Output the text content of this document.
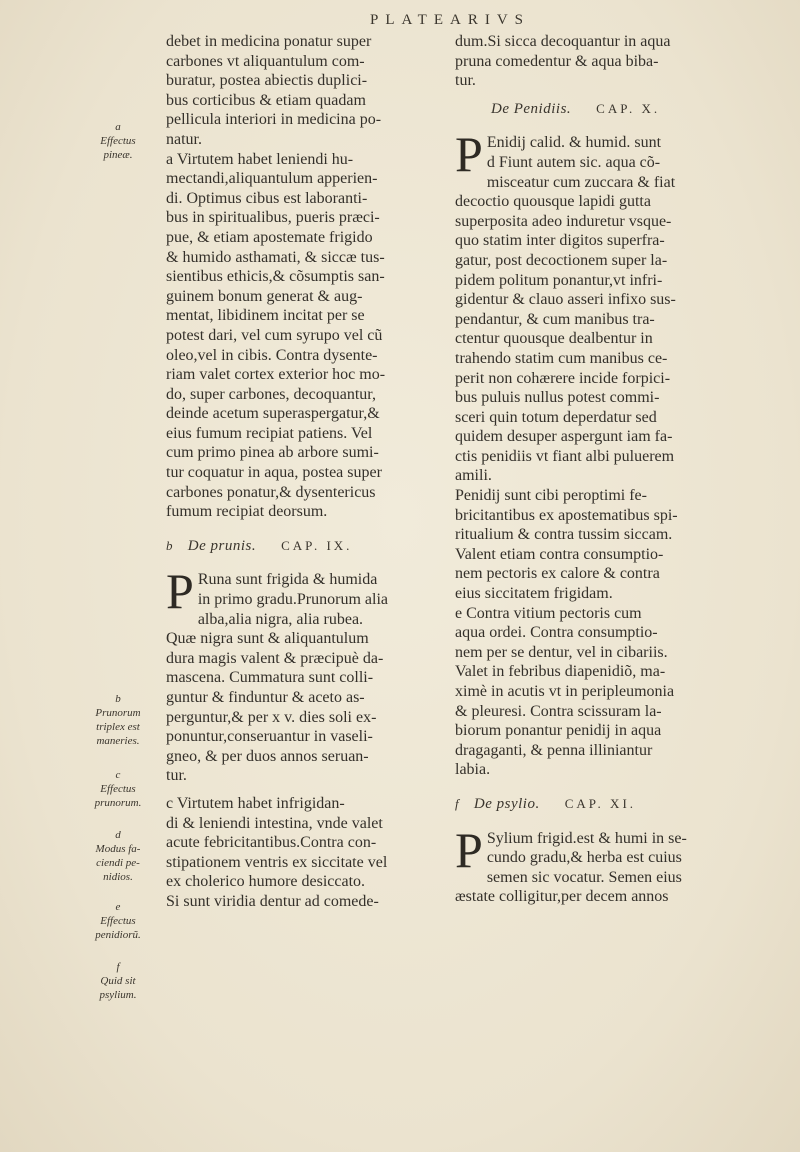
PLATEARIVS
a
Effectus
pineæ.
b
Prunorum
triplex est
maneries.
c
Effectus
prunorum.
d
Modus fa-
ciendi pe-
nidios.
e
Effectus
penidiorũ.
f
Quid sit
psylium.
debet in medicina ponatur super
carbones vt aliquantulum com-
buratur, postea abiectis duplici-
bus corticibus & etiam quadam
pellicula interiori in medicina po-
natur.
a Virtutem habet leniendi hu-
mectandi,aliquantulum apperien-
di. Optimus cibus est laboranti-
bus in spiritualibus, pueris præci-
pue, & etiam apostemate frigido
& humido asthamati, & siccæ tus-
sientibus ethicis,& cõsumptis san-
guinem bonum generat & aug-
mentat, libidinem incitat per se
potest dari, vel cum syrupo vel cũ
oleo,vel in cibis. Contra dysente-
riam valet cortex exterior hoc mo-
do, super carbones, decoquantur,
deinde acetum superaspergatur,&
eius fumum recipiat patiens. Vel
cum primo pinea ab arbore sumi-
tur coquatur in aqua, postea super
carbones ponatur,& dysentericus
fumum recipiat deorsum.
b De prunis. CAP. IX.
P Runa sunt frigida & humida
in primo gradu.Prunorum alia
alba,alia nigra, alia rubea.
Quæ nigra sunt & aliquantulum
dura magis valent & præcipuè da-
mascena. Cummatura sunt colli-
guntur & finduntur & aceto as-
perguntur,& per x v. dies soli ex-
ponuntur,conseruantur in vaseli-
gneo, & per duos annos seruan-
tur.
c Virtutem habet infrigidan-
di & leniendi intestina, vnde valet
acute febricitantibus.Contra con-
stipationem ventris ex siccitate vel
ex cholerico humore desiccato.
Si sunt viridia dentur ad comede-
dum.Si sicca decoquantur in aqua
pruna comedentur & aqua biba-
tur.
De Penidiis. CAP. X.
P Enidij calid. & humid. sunt
d Fiunt autem sic. aqua cõ-
misceatur cum zuccara & fiat
decoctio quousque lapidi gutta
superposita adeo induretur vsque-
quo statim inter digitos superfra-
gatur, post decoctionem super la-
pidem politum ponantur,vt infri-
gidentur & clauo asseri infixo sus-
pendantur, & cum manibus tra-
ctentur quousque dealbentur in
trahendo statim cum manibus ce-
perit non cohærere incide forpici-
bus puluis nullus potest commi-
sceri quin totum deperdatur sed
quidem desuper aspergunt iam fa-
ctis penidiis vt fiant albi puluerem
amili.
Penidij sunt cibi peroptimi fe-
bricitantibus ex apostematibus spi-
ritualium & contra tussim siccam.
Valent etiam contra consumptio-
nem pectoris ex calore & contra
eius siccitatem frigidam.
e Contra vitium pectoris cum
aqua ordei. Contra consumptio-
nem per se dentur, vel in cibariis.
Valet in febribus diapenidiõ, ma-
ximè in acutis vt in peripleumonia
& pleuresi. Contra scissuram la-
biorum ponantur penidij in aqua
dragaganti, & penna illiniantur
labia.
f De psylio. CAP. XI.
P Sylium frigid.est & humi in se-
cundo gradu,& herba est cuius
semen sic vocatur. Semen eius
æstate colligitur,per decem annos
